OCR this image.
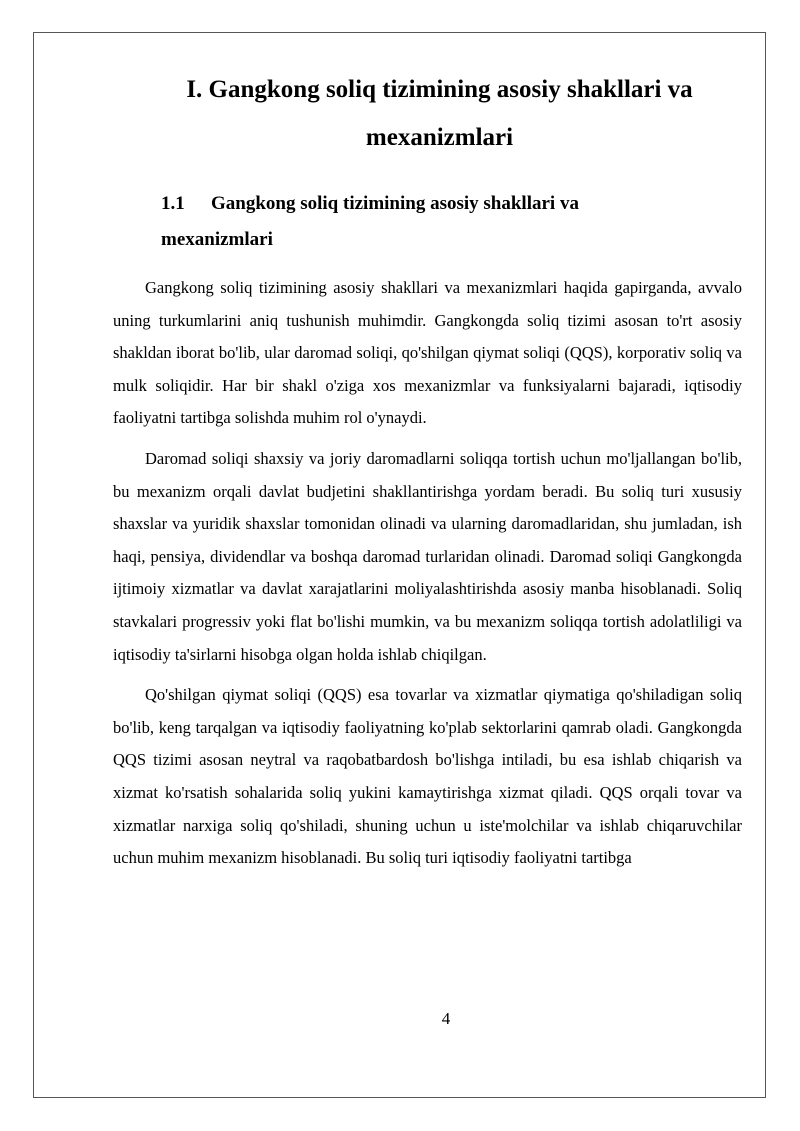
I. Gangkong soliq tizimining asosiy shakllari va mexanizmlari
1.1 Gangkong soliq tizimining asosiy shakllari va
mexanizmlari

Gangkong soliq tizimining asosiy shakllari va mexanizmlari haqida gapirganda, avvalo uning turkumlarini aniq tushunish muhimdir. Gangkongda soliq tizimi asosan to'rt asosiy shakldan iborat bo'lib, ular daromad soliqi, qo'shilgan qiymat soliqi (QQS), korporativ soliq va mulk soliqidir. Har bir shakl o'ziga xos mexanizmlar va funksiyalarni bajaradi, iqtisodiy faoliyatni tartibga solishda muhim rol o'ynaydi.

Daromad soliqi shaxsiy va joriy daromadlarni soliqqa tortish uchun mo'ljallangan bo'lib, bu mexanizm orqali davlat budjetini shakllantirishga yordam beradi. Bu soliq turi xususiy shaxslar va yuridik shaxslar tomonidan olinadi va ularning daromadlaridan, shu jumladan, ish haqi, pensiya, dividendlar va boshqa daromad turlaridan olinadi. Daromad soliqi Gangkongda ijtimoiy xizmatlar va davlat xarajatlarini moliyalashtirishda asosiy manba hisoblanadi. Soliq stavkalari progressiv yoki flat bo'lishi mumkin, va bu mexanizm soliqqa tortish adolatliligi va iqtisodiy ta'sirlarni hisobga olgan holda ishlab chiqilgan.

Qo'shilgan qiymat soliqi (QQS) esa tovarlar va xizmatlar qiymatiga qo'shiladigan soliq bo'lib, keng tarqalgan va iqtisodiy faoliyatning ko'plab sektorlarini qamrab oladi. Gangkongda QQS tizimi asosan neytral va raqobatbardosh bo'lishga intiladi, bu esa ishlab chiqarish va xizmat ko'rsatish sohalarida soliq yukini kamaytirishga xizmat qiladi. QQS orqali tovar va xizmatlar narxiga soliq qo'shiladi, shuning uchun u iste'molchilar va ishlab chiqaruvchilar uchun muhim mexanizm hisoblanadi. Bu soliq turi iqtisodiy faoliyatni tartibga

4
